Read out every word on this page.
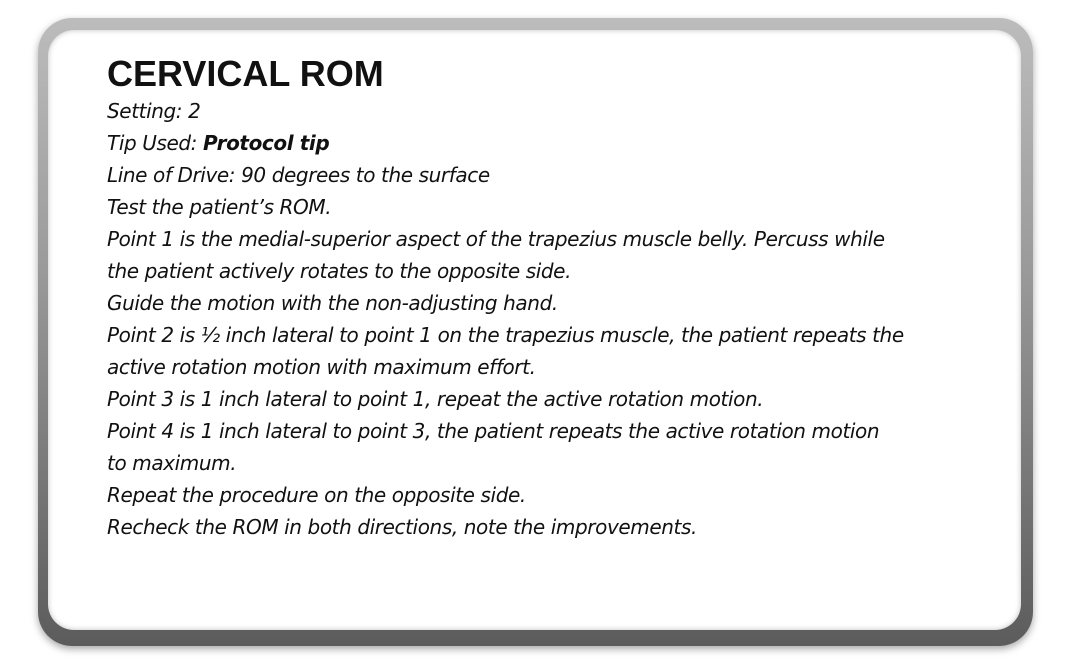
CERVICAL ROM
Setting: 2
Tip Used: Protocol tip
Line of Drive: 90 degrees to the surface
Test the patient’s ROM.
Point 1 is the medial-superior aspect of the trapezius muscle belly. Percuss while
the patient actively rotates to the opposite side.
Guide the motion with the non-adjusting hand.
Point 2 is ½ inch lateral to point 1 on the trapezius muscle, the patient repeats the
active rotation motion with maximum effort.
Point 3 is 1 inch lateral to point 1, repeat the active rotation motion.
Point 4 is 1 inch lateral to point 3, the patient repeats the active rotation motion
to maximum.
Repeat the procedure on the opposite side.
Recheck the ROM in both directions, note the improvements.
